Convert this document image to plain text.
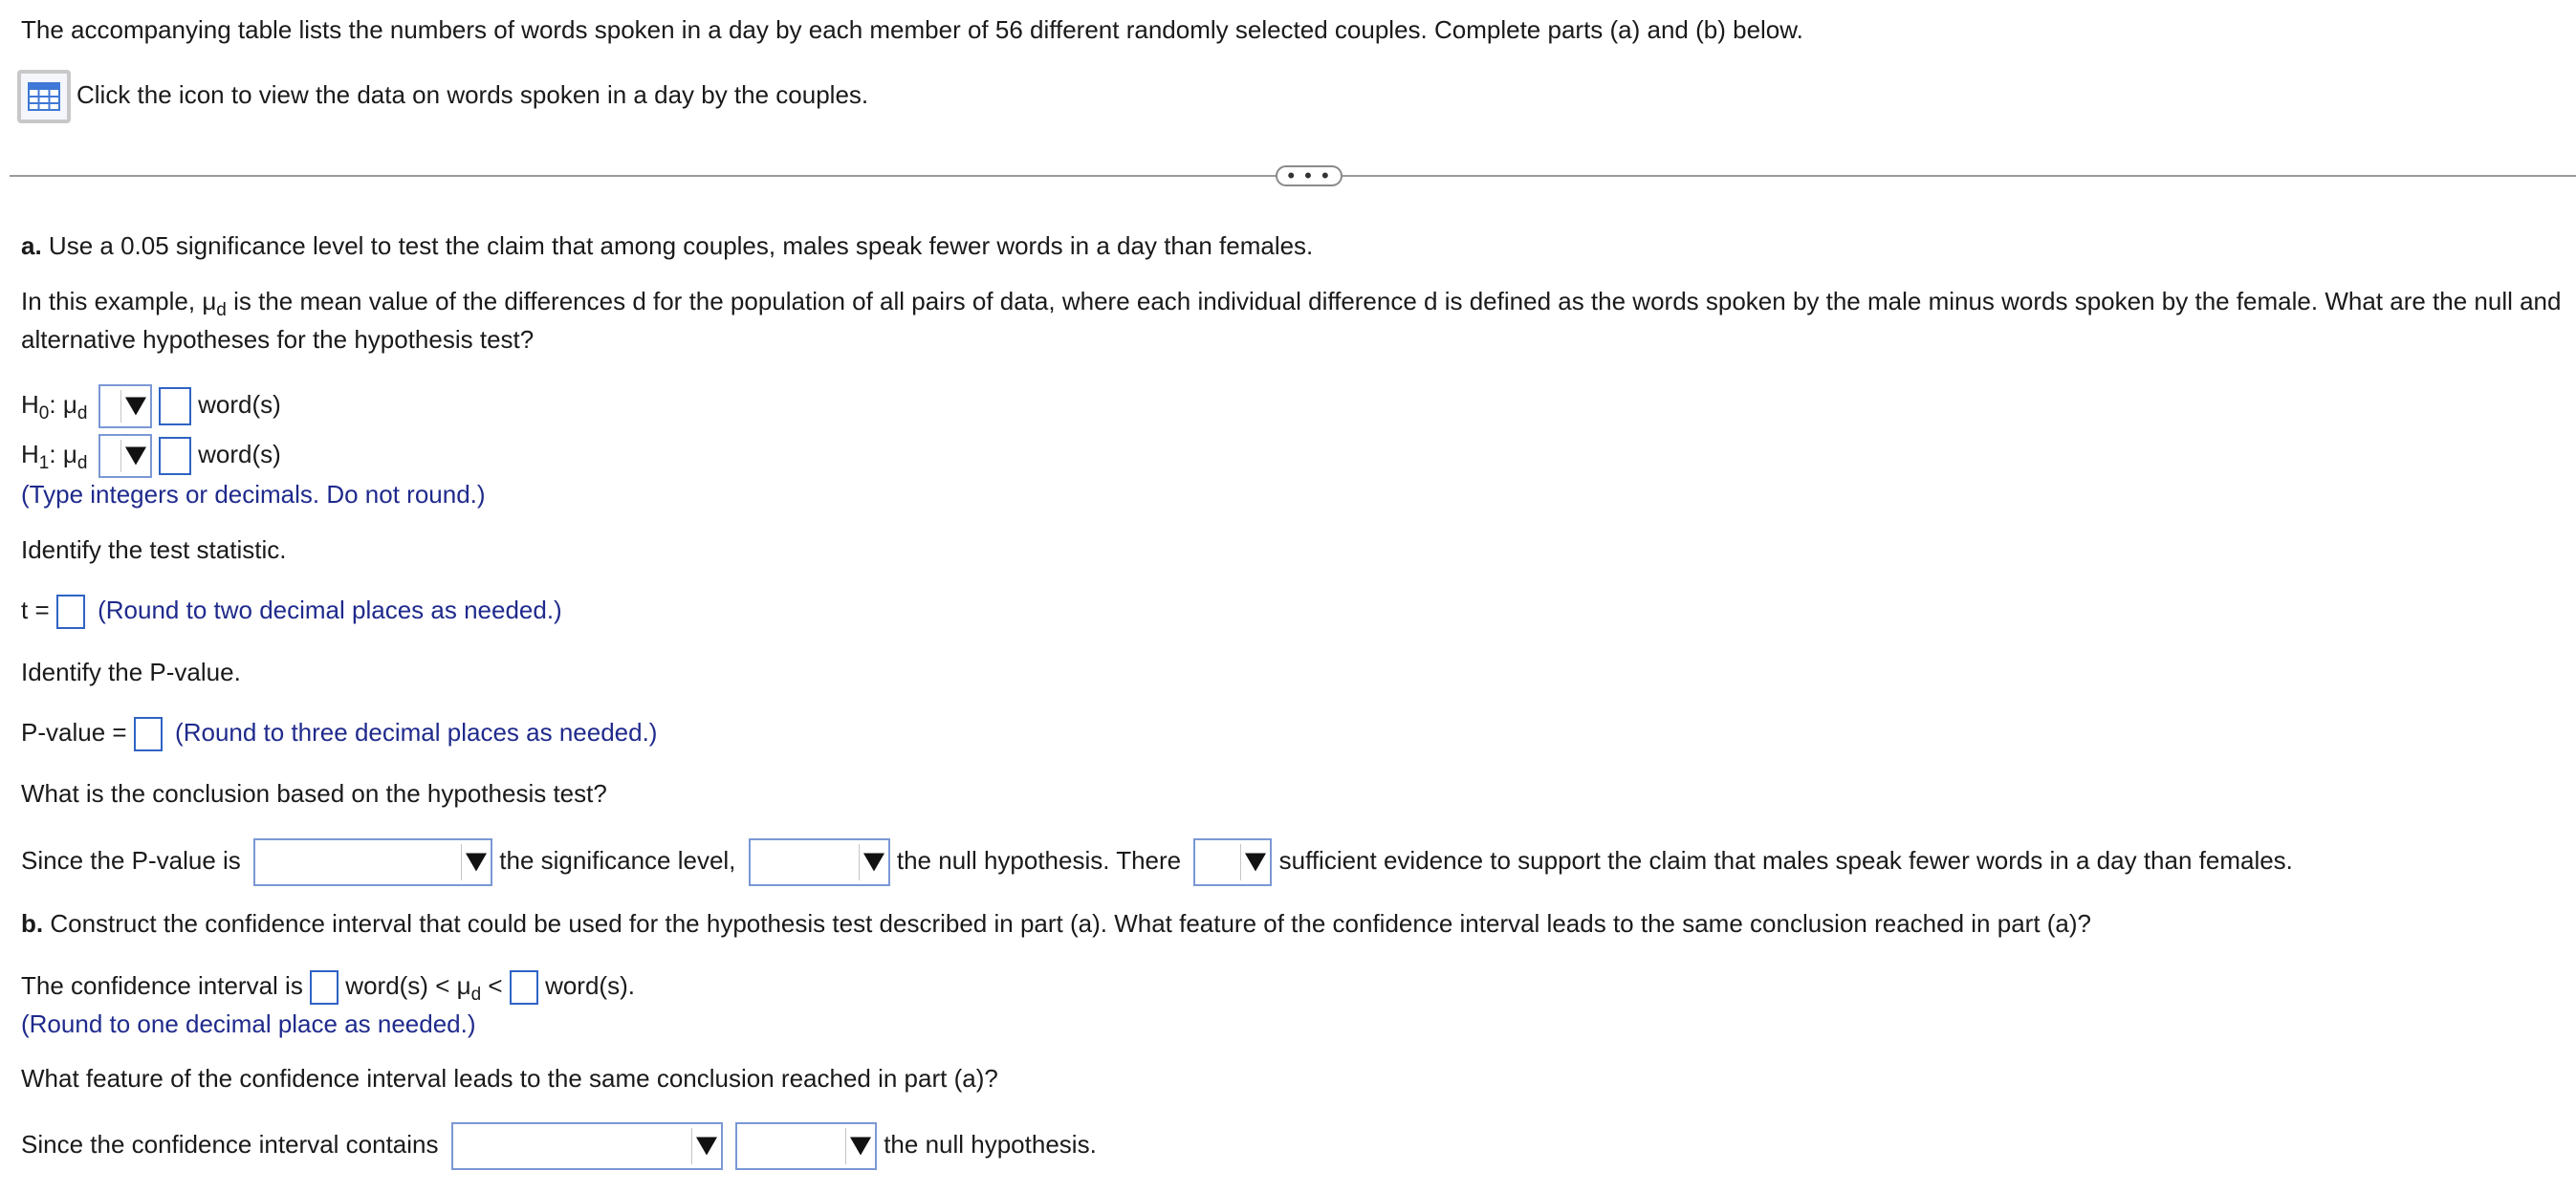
The accompanying table lists the numbers of words spoken in a day by each member of 56 different randomly selected couples. Complete parts (a) and (b) below.
Click the icon to view the data on words spoken in a day by the couples.
• • •
a. Use a 0.05 significance level to test the claim that among couples, males speak fewer words in a day than females.
In this example, $\mu_d$ is the mean value of the differences d for the population of all pairs of data, where each individual difference d is defined as the words spoken by the male minus words spoken by the female. What are the null and
alternative hypotheses for the hypothesis test?
$H_0$: $\mu_d$	word(s)
$H_1$: $\mu_d$	word(s)
(Type integers or decimals. Do not round.)
Identify the test statistic.
t = (Round to two decimal places as needed.)
Identify the P-value.
P-value = (Round to three decimal places as needed.)
What is the conclusion based on the hypothesis test?
Since the P-value is	the significance level,	the null hypothesis. There	sufficient evidence to support the claim that males speak fewer words in a day than females.
b. Construct the confidence interval that could be used for the hypothesis test described in part (a). What feature of the confidence interval leads to the same conclusion reached in part (a)?
The confidence interval is word(s) < $\mu_d$ < word(s).
(Round to one decimal place as needed.)
What feature of the confidence interval leads to the same conclusion reached in part (a)?
Since the confidence interval contains
	the null hypothesis.
